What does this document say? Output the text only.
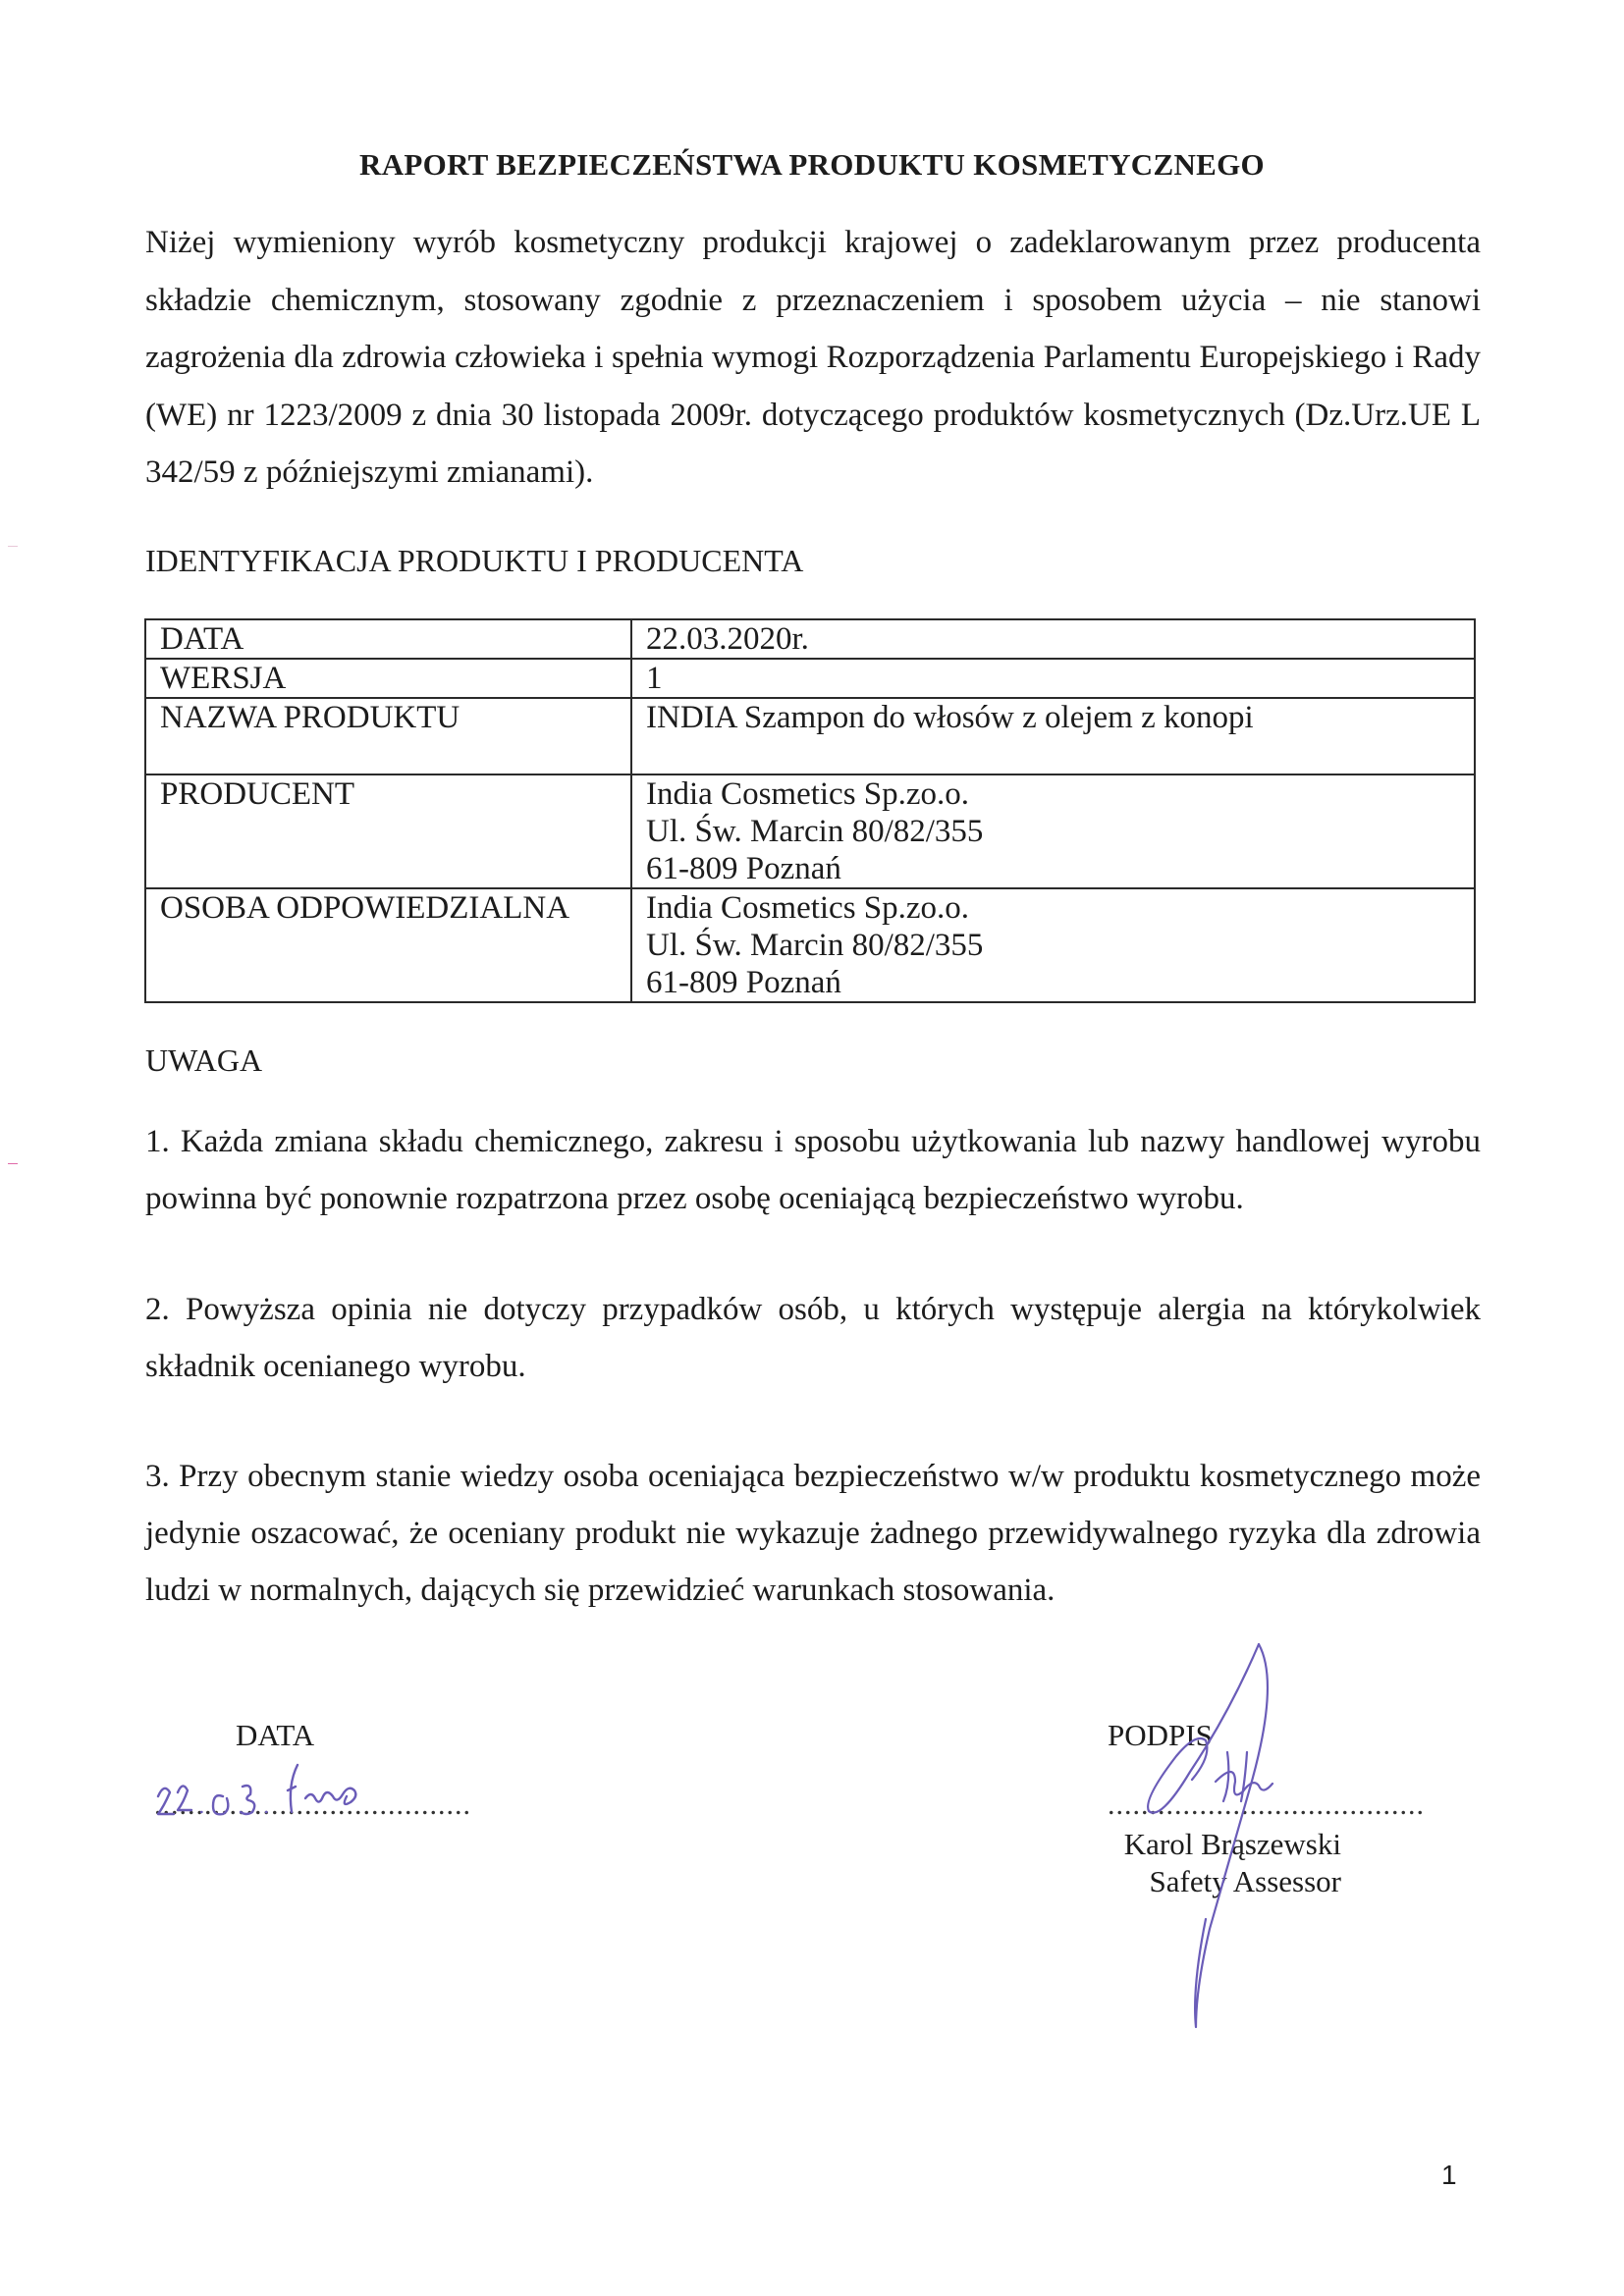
RAPORT BEZPIECZEŃSTWA PRODUKTU KOSMETYCZNEGO
Niżej wymieniony wyrób kosmetyczny produkcji krajowej o zadeklarowanym przez producenta składzie chemicznym, stosowany zgodnie z przeznaczeniem i sposobem użycia – nie stanowi zagrożenia dla zdrowia człowieka i spełnia wymogi Rozporządzenia Parlamentu Europejskiego i Rady (WE) nr 1223/2009 z dnia 30 listopada 2009r. dotyczącego produktów kosmetycznych (Dz.Urz.UE L 342/59 z późniejszymi zmianami).
IDENTYFIKACJA PRODUKTU I PRODUCENTA
DATA	22.03.2020r.
WERSJA	1
NAZWA PRODUKTU	INDIA Szampon do włosów z olejem z konopi
PRODUCENT	India Cosmetics Sp.zo.o.
Ul. Św. Marcin 80/82/355
61-809 Poznań

OSOBA ODPOWIEDZIALNA	India Cosmetics Sp.zo.o.
Ul. Św. Marcin 80/82/355
61-809 Poznań
UWAGA
1. Każda zmiana składu chemicznego, zakresu i sposobu użytkowania lub nazwy handlowej wyrobu powinna być ponownie rozpatrzona przez osobę oceniającą bezpieczeństwo wyrobu.
2. Powyższa opinia nie dotyczy przypadków osób, u których występuje alergia na którykolwiek składnik ocenianego wyrobu.
3. Przy obecnym stanie wiedzy osoba oceniająca bezpieczeństwo w/w produktu kosmetycznego może jedynie oszacować, że oceniany produkt nie wykazuje żadnego przewidywalnego ryzyka dla zdrowia ludzi w normalnych, dających się przewidzieć warunkach stosowania.
DATA
......................................
PODPIS
......................................
Karol Brąszewski
Safety Assessor
1
